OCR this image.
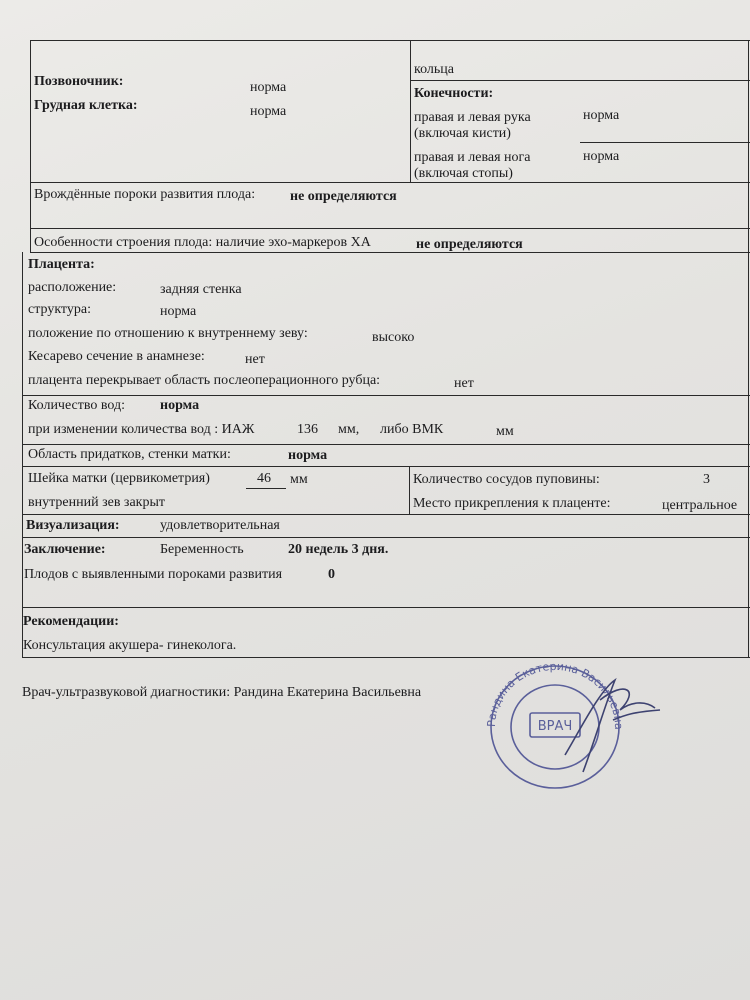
Позвоночник:	норма
Грудная клетка:	норма
кольца
Конечности:
правая и левая рука
(включая кисти)
норма
правая и левая нога
(включая стопы)
норма
Врождённые пороки развития плода: не определяются
Особенности строения плода: наличие эхо-маркеров ХА	не определяются
Плацента:
расположение:	задняя стенка
структура:	норма
положение по отношению к внутреннему зеву:	высоко
Кесарево сечение в анамнезе:	нет
плацента перекрывает область послеоперационного рубца:	нет
Количество вод: норма
при изменении количества вод : ИАЖ	136 мм, либо ВМК	мм
Область придатков, стенки матки:	норма
Шейка матки (цервикометрия)	46 мм
внутренний зев закрыт
Количество сосудов пуповины:	3
Место прикрепления к плаценте:	центральное
Визуализация:	удовлетворительная
Заключение:	Беременность	20 недель 3 дня.
Плодов с выявленными пороками развития	0
Рекомендации:
Консультация акушера- гинеколога.
Врач-ультразвуковой диагностики: Рандина Екатерина Васильевна
Рандина Екатерина Васильевна
ВРАЧ
